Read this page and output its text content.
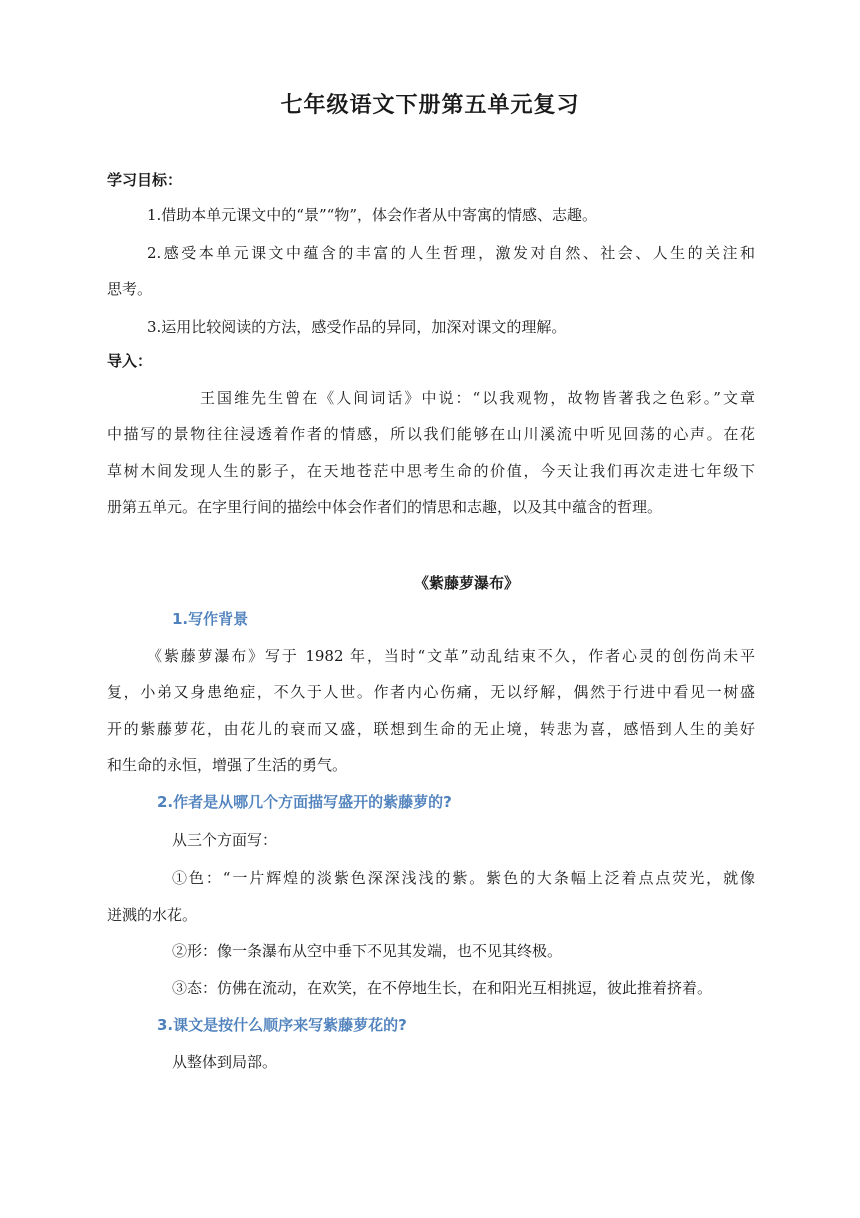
七年级语文下册第五单元复习
学习目标：
1.借助本单元课文中的“景”“物”，体会作者从中寄寓的情感、志趣。
2.感受本单元课文中蕴含的丰富的人生哲理，激发对自然、社会、人生的关注和
思考。
3.运用比较阅读的方法，感受作品的异同，加深对课文的理解。
导入：
王国维先生曾在《人间词话》中说：“以我观物，故物皆著我之色彩。”文章
中描写的景物往往浸透着作者的情感，所以我们能够在山川溪流中听见回荡的心声。在花
草树木间发现人生的影子，在天地苍茫中思考生命的价值，今天让我们再次走进七年级下
册第五单元。在字里行间的描绘中体会作者们的情思和志趣，以及其中蕴含的哲理。
《紫藤萝瀑布》
1.写作背景
《紫藤萝瀑布》写于 1982 年，当时“文革”动乱结束不久，作者心灵的创伤尚未平
复，小弟又身患绝症，不久于人世。作者内心伤痛，无以纾解，偶然于行进中看见一树盛
开的紫藤萝花，由花儿的衰而又盛，联想到生命的无止境，转悲为喜，感悟到人生的美好
和生命的永恒，增强了生活的勇气。
2.作者是从哪几个方面描写盛开的紫藤萝的?
从三个方面写：
①色：“一片辉煌的淡紫色深深浅浅的紫。紫色的大条幅上泛着点点荧光，就像
迸溅的水花。
②形：像一条瀑布从空中垂下不见其发端，也不见其终极。
③态：仿佛在流动，在欢笑，在不停地生长，在和阳光互相挑逗，彼此推着挤着。
3.课文是按什么顺序来写紫藤萝花的?
从整体到局部。
